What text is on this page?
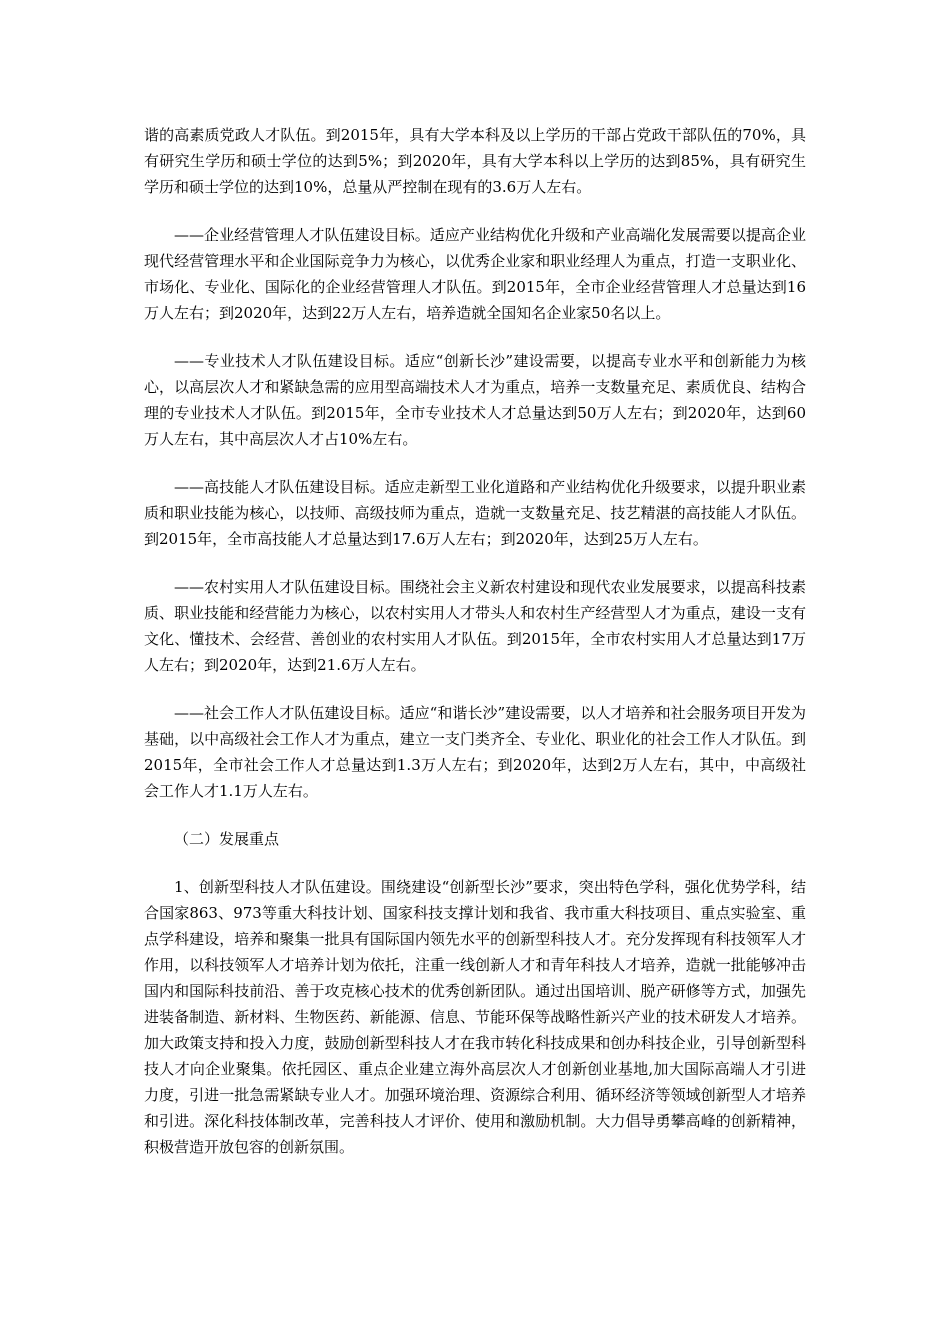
谐的高素质党政人才队伍。到2015年，具有大学本科及以上学历的干部占党政干部队伍的70%，具有研究生学历和硕士学位的达到5%；到2020年，具有大学本科以上学历的达到85%，具有研究生学历和硕士学位的达到10%，总量从严控制在现有的3.6万人左右。

——企业经营管理人才队伍建设目标。适应产业结构优化升级和产业高端化发展需要以提高企业现代经营管理水平和企业国际竞争力为核心，以优秀企业家和职业经理人为重点，打造一支职业化、市场化、专业化、国际化的企业经营管理人才队伍。到2015年，全市企业经营管理人才总量达到16万人左右；到2020年，达到22万人左右，培养造就全国知名企业家50名以上。

——专业技术人才队伍建设目标。适应“创新长沙”建设需要，以提高专业水平和创新能力为核心，以高层次人才和紧缺急需的应用型高端技术人才为重点，培养一支数量充足、素质优良、结构合理的专业技术人才队伍。到2015年，全市专业技术人才总量达到50万人左右；到2020年，达到60万人左右，其中高层次人才占10%左右。

——高技能人才队伍建设目标。适应走新型工业化道路和产业结构优化升级要求，以提升职业素质和职业技能为核心，以技师、高级技师为重点，造就一支数量充足、技艺精湛的高技能人才队伍。到2015年，全市高技能人才总量达到17.6万人左右；到2020年，达到25万人左右。

——农村实用人才队伍建设目标。围绕社会主义新农村建设和现代农业发展要求，以提高科技素质、职业技能和经营能力为核心，以农村实用人才带头人和农村生产经营型人才为重点，建设一支有文化、懂技术、会经营、善创业的农村实用人才队伍。到2015年，全市农村实用人才总量达到17万人左右；到2020年，达到21.6万人左右。

——社会工作人才队伍建设目标。适应“和谐长沙”建设需要，以人才培养和社会服务项目开发为基础，以中高级社会工作人才为重点，建立一支门类齐全、专业化、职业化的社会工作人才队伍。到2015年，全市社会工作人才总量达到1.3万人左右；到2020年，达到2万人左右，其中，中高级社会工作人才1.1万人左右。

（二）发展重点

1、创新型科技人才队伍建设。围绕建设“创新型长沙”要求，突出特色学科，强化优势学科，结合国家863、973等重大科技计划、国家科技支撑计划和我省、我市重大科技项目、重点实验室、重点学科建设，培养和聚集一批具有国际国内领先水平的创新型科技人才。充分发挥现有科技领军人才作用，以科技领军人才培养计划为依托，注重一线创新人才和青年科技人才培养，造就一批能够冲击国内和国际科技前沿、善于攻克核心技术的优秀创新团队。通过出国培训、脱产研修等方式，加强先进装备制造、新材料、生物医药、新能源、信息、节能环保等战略性新兴产业的技术研发人才培养。加大政策支持和投入力度，鼓励创新型科技人才在我市转化科技成果和创办科技企业，引导创新型科技人才向企业聚集。依托园区、重点企业建立海外高层次人才创新创业基地,加大国际高端人才引进力度，引进一批急需紧缺专业人才。加强环境治理、资源综合利用、循环经济等领域创新型人才培养和引进。深化科技体制改革，完善科技人才评价、使用和激励机制。大力倡导勇攀高峰的创新精神，积极营造开放包容的创新氛围。
